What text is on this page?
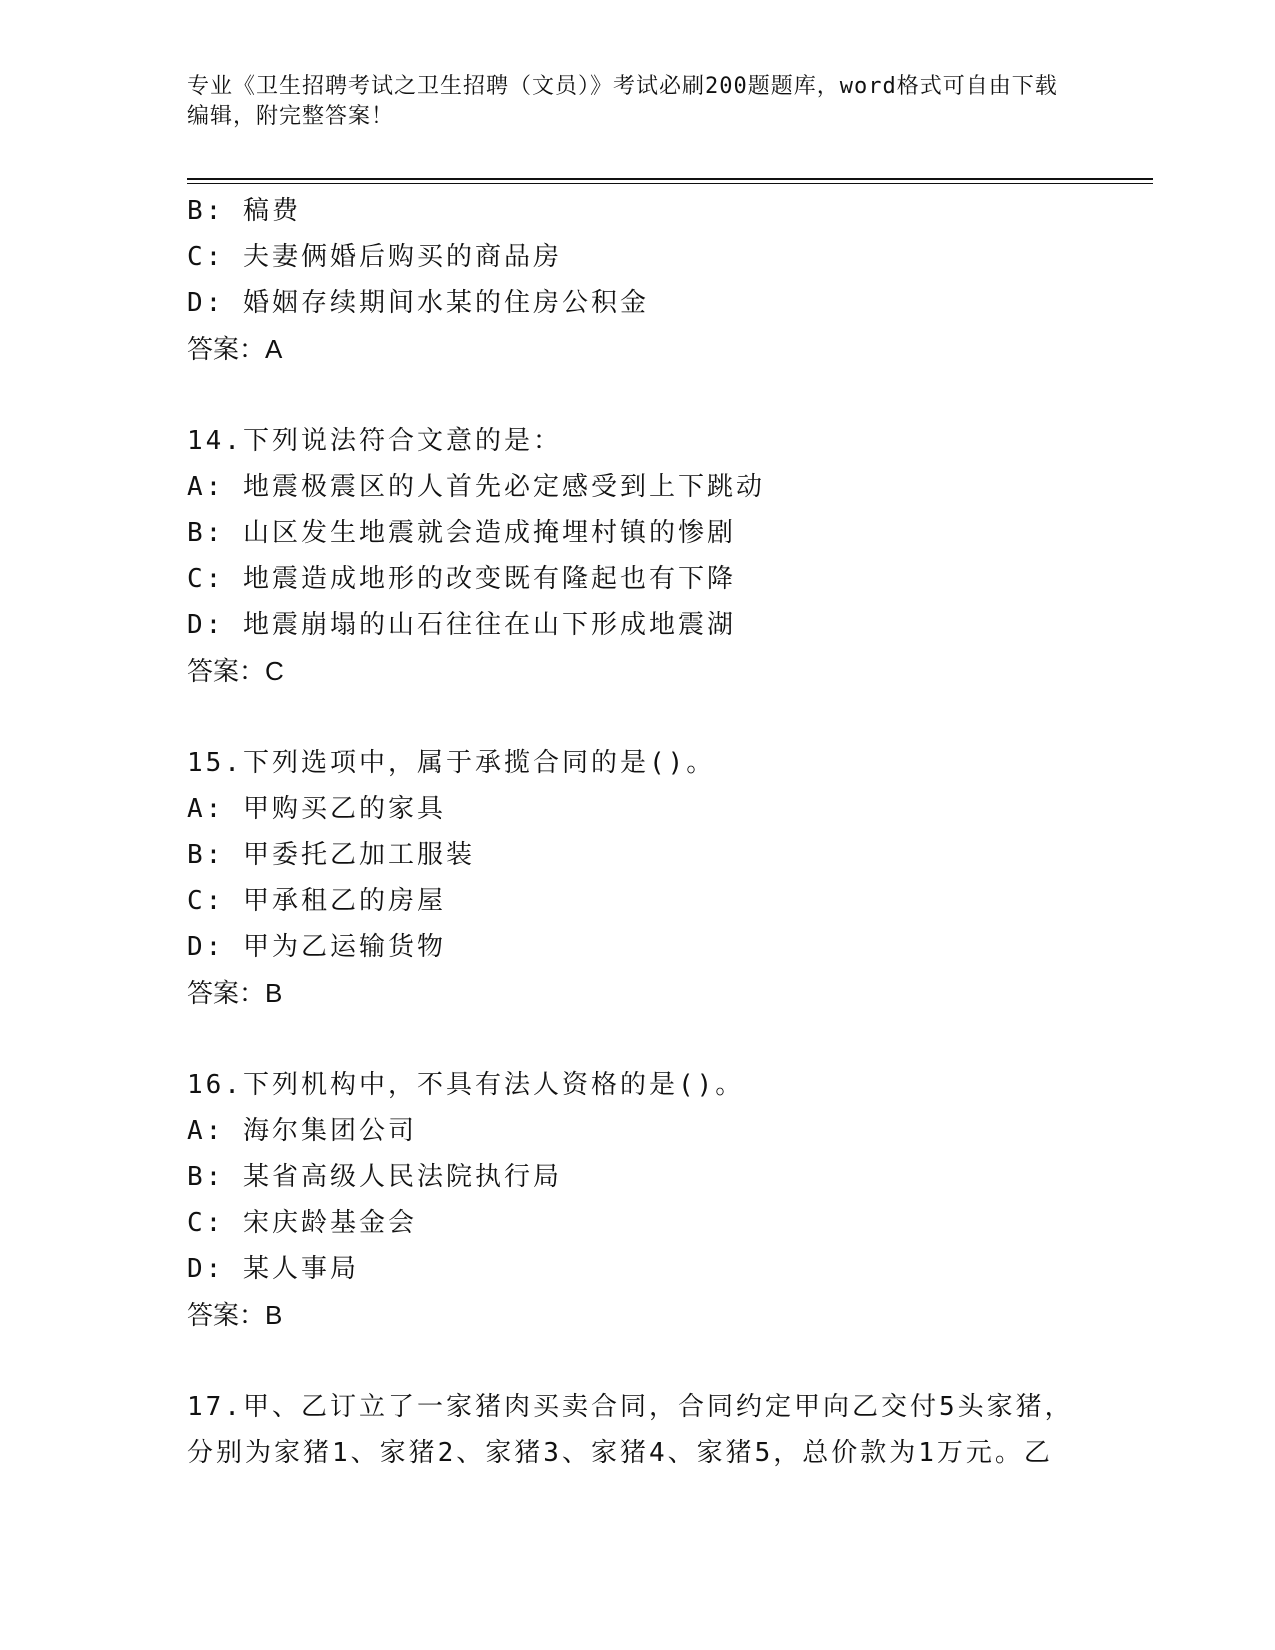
专业《卫生招聘考试之卫生招聘（文员）》考试必刷200题题库，word格式可自由下载编辑，附完整答案！
B: 稿费
C: 夫妻俩婚后购买的商品房
D: 婚姻存续期间水某的住房公积金
答案：A
14.下列说法符合文意的是：
A: 地震极震区的人首先必定感受到上下跳动
B: 山区发生地震就会造成掩埋村镇的惨剧
C: 地震造成地形的改变既有隆起也有下降
D: 地震崩塌的山石往往在山下形成地震湖
答案：C
15.下列选项中，属于承揽合同的是()。
A: 甲购买乙的家具
B: 甲委托乙加工服装
C: 甲承租乙的房屋
D: 甲为乙运输货物
答案：B
16.下列机构中，不具有法人资格的是()。
A: 海尔集团公司
B: 某省高级人民法院执行局
C: 宋庆龄基金会
D: 某人事局
答案：B
17.甲、乙订立了一家猪肉买卖合同，合同约定甲向乙交付5头家猪，
分别为家猪1、家猪2、家猪3、家猪4、家猪5，总价款为1万元。乙
